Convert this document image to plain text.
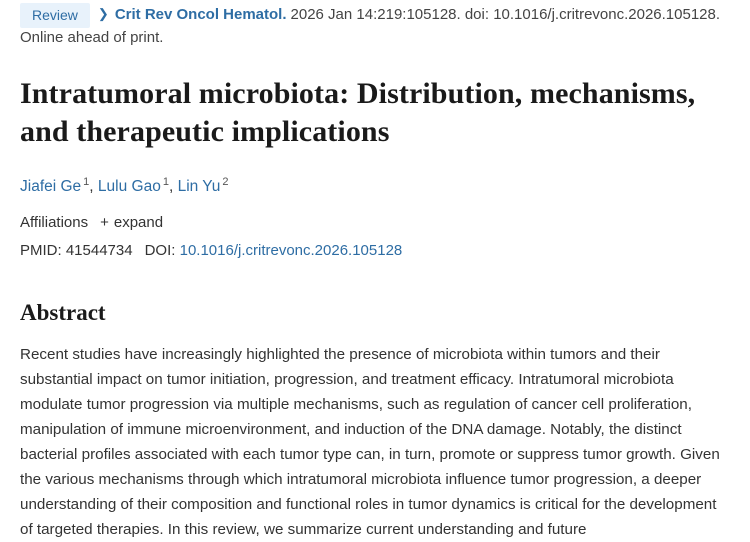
Review	❯ Crit Rev Oncol Hematol. 2026 Jan 14:219:105128. doi: 10.1016/j.critrevonc.2026.105128.
Online ahead of print.
Intratumoral microbiota: Distribution, mechanisms, and therapeutic implications
Jiafei Ge $^1$, Lulu Gao $^1$, Lin Yu $^2$
Affiliations + expand
PMID: 41544734 DOI: 10.1016/j.critrevonc.2026.105128
Abstract
Recent studies have increasingly highlighted the presence of microbiota within tumors and their substantial impact on tumor initiation, progression, and treatment efficacy. Intratumoral microbiota modulate tumor progression via multiple mechanisms, such as regulation of cancer cell proliferation, manipulation of immune microenvironment, and induction of the DNA damage. Notably, the distinct bacterial profiles associated with each tumor type can, in turn, promote or suppress tumor growth. Given the various mechanisms through which intratumoral microbiota influence tumor progression, a deeper understanding of their composition and functional roles in tumor dynamics is critical for the development of targeted therapies. In this review, we summarize current understanding and future
